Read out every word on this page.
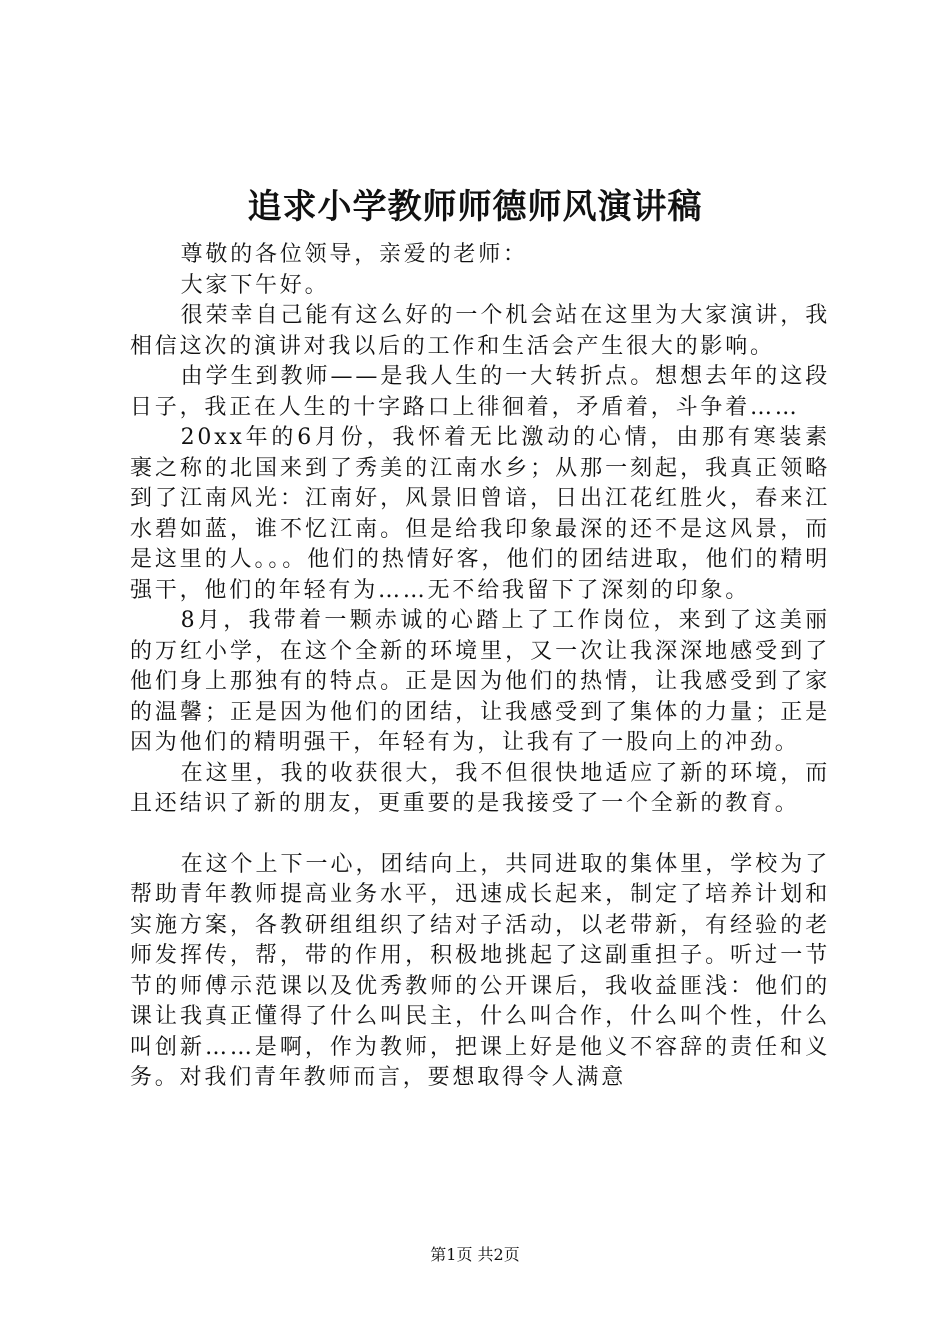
追求小学教师师德师风演讲稿

尊敬的各位领导，亲爱的老师：

大家下午好。

很荣幸自己能有这么好的一个机会站在这里为大家演讲，我相信这次的演讲对我以后的工作和生活会产生很大的影响。

由学生到教师——是我人生的一大转折点。想想去年的这段日子，我正在人生的十字路口上徘徊着，矛盾着，斗争着……

20xx年的6月份，我怀着无比激动的心情，由那有寒装素裹之称的北国来到了秀美的江南水乡；从那一刻起，我真正领略到了江南风光：江南好，风景旧曾谙，日出江花红胜火，春来江水碧如蓝，谁不忆江南。但是给我印象最深的还不是这风景，而是这里的人。。。他们的热情好客，他们的团结进取，他们的精明强干，他们的年轻有为……无不给我留下了深刻的印象。

8月，我带着一颗赤诚的心踏上了工作岗位，来到了这美丽的万红小学，在这个全新的环境里，又一次让我深深地感受到了他们身上那独有的特点。正是因为他们的热情，让我感受到了家的温馨；正是因为他们的团结，让我感受到了集体的力量；正是因为他们的精明强干，年轻有为，让我有了一股向上的冲劲。

在这里，我的收获很大，我不但很快地适应了新的环境，而且还结识了新的朋友，更重要的是我接受了一个全新的教育。

在这个上下一心，团结向上，共同进取的集体里，学校为了帮助青年教师提高业务水平，迅速成长起来，制定了培养计划和实施方案，各教研组组织了结对子活动，以老带新，有经验的老师发挥传，帮，带的作用，积极地挑起了这副重担子。听过一节节的师傅示范课以及优秀教师的公开课后，我收益匪浅：他们的课让我真正懂得了什么叫民主，什么叫合作，什么叫个性，什么叫创新……是啊，作为教师，把课上好是他义不容辞的责任和义务。对我们青年教师而言，要想取得令人满意

第1页 共2页
